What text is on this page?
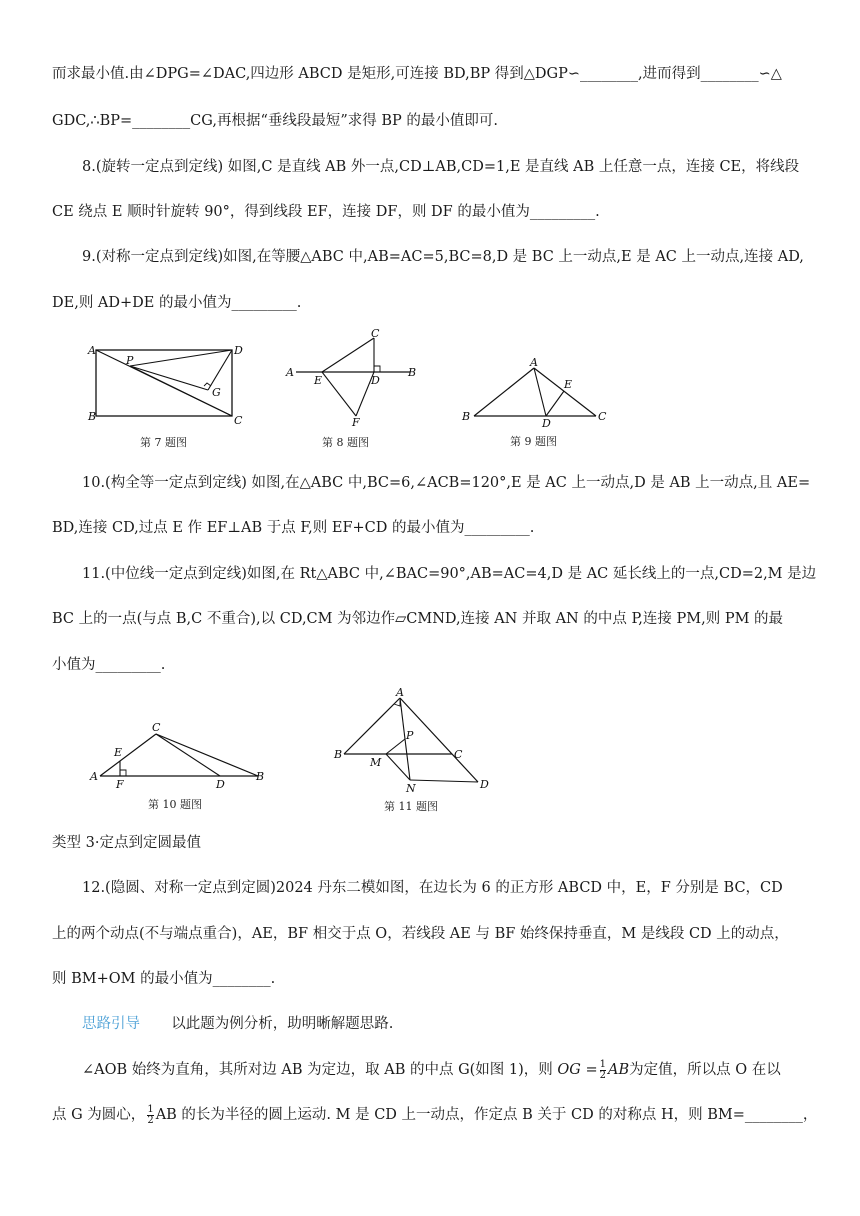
而求最小值.由∠DPG=∠DAC,四边形 ABCD 是矩形,可连接 BD,BP 得到△DGP∽________,进而得到________∽△
GDC,∴BP=________CG,再根据“垂线段最短”求得 BP 的最小值即可.
8.(旋转一定点到定线) 如图,C 是直线 AB 外一点,CD⊥AB,CD=1,E 是直线 AB 上任意一点，连接 CE，将线段
CE 绕点 E 顺时针旋转 90°，得到线段 EF，连接 DF，则 DF 的最小值为_________.
9.(对称一定点到定线)如图,在等腰△ABC 中,AB=AC=5,BC=8,D 是 BC 上一动点,E 是 AC 上一动点,连接 AD,
DE,则 AD+DE 的最小值为_________.
A
P
D
G
B	C
第 7 题图
C
A
E	D
B
F
第 8 题图
A
E
B
D
C
第 9 题图
10.(构全等一定点到定线) 如图,在△ABC 中,BC=6,∠ACB=120°,E 是 AC 上一动点,D 是 AB 上一动点,且 AE=
BD,连接 CD,过点 E 作 EF⊥AB 于点 F,则 EF+CD 的最小值为_________.
11.(中位线一定点到定线)如图,在 Rt△ABC 中,∠BAC=90°,AB=AC=4,D 是 AC 延长线上的一点,CD=2,M 是边
BC 上的一点(与点 B,C 不重合),以 CD,CM 为邻边作▱CMND,连接 AN 并取 AN 的中点 P,连接 PM,则 PM 的最
小值为_________.
C
E
A
F	D
B
第 10 题图
A
P
B
M
C
N	D
第 11 题图
类型 3·定点到定圆最值
12.(隐圆、对称一定点到定圆)2024 丹东二模如图，在边长为 6 的正方形 ABCD 中，E，F 分别是 BC，CD
上的两个动点(不与端点重合)，AE，BF 相交于点 O，若线段 AE 与 BF 始终保持垂直，M 是线段 CD 上的动点，
则 BM+OM 的最小值为________.
思路引导 以此题为例分析，助明晰解题思路.
∠AOB 始终为直角，其所对边 AB 为定边，取 AB 的中点 G(如图 1)，则 OG = $\frac{1}{2}$ AB为定值，所以点 O 在以
点 G 为圆心， $\frac{1}{2}$ AB 的长为半径的圆上运动. M 是 CD 上一动点，作定点 B 关于 CD 的对称点 H，则 BM=________，
